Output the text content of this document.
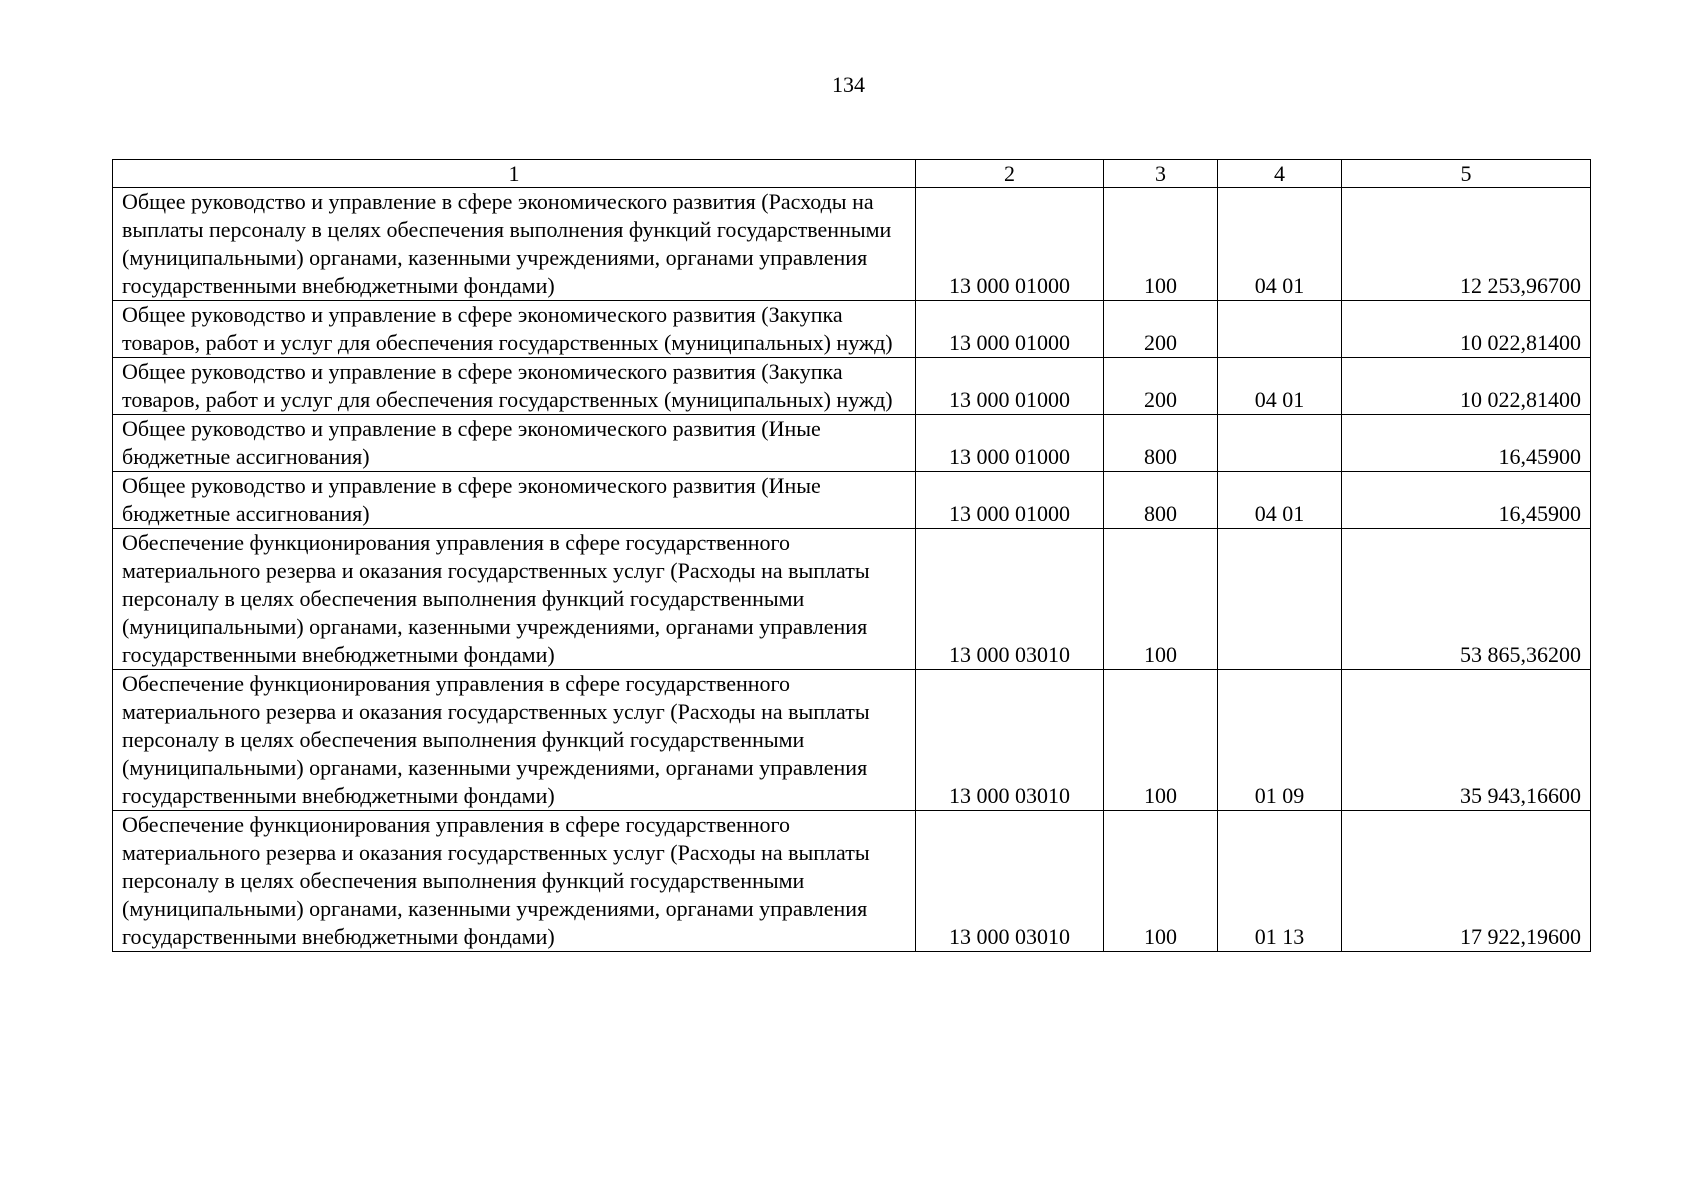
134
1	2	3	4	5
Общее руководство и управление в сфере экономического развития (Расходы на выплаты персоналу в целях обеспечения выполнения функций государственными (муниципальными) органами, казенными учреждениями, органами управления государственными внебюджетными фондами)	13 000 01000	100	04 01	12 253,96700
Общее руководство и управление в сфере экономического развития (Закупка товаров, работ и услуг для обеспечения государственных (муниципальных) нужд)	13 000 01000	200		10 022,81400
Общее руководство и управление в сфере экономического развития (Закупка товаров, работ и услуг для обеспечения государственных (муниципальных) нужд)	13 000 01000	200	04 01	10 022,81400
Общее руководство и управление в сфере экономического развития (Иные бюджетные ассигнования)	13 000 01000	800		16,45900
Общее руководство и управление в сфере экономического развития (Иные бюджетные ассигнования)	13 000 01000	800	04 01	16,45900
Обеспечение функционирования управления в сфере государственного материального резерва и оказания государственных услуг (Расходы на выплаты персоналу в целях обеспечения выполнения функций государственными (муниципальными) органами, казенными учреждениями, органами управления государственными внебюджетными фондами)	13 000 03010	100		53 865,36200
Обеспечение функционирования управления в сфере государственного материального резерва и оказания государственных услуг (Расходы на выплаты персоналу в целях обеспечения выполнения функций государственными (муниципальными) органами, казенными учреждениями, органами управления государственными внебюджетными фондами)	13 000 03010	100	01 09	35 943,16600
Обеспечение функционирования управления в сфере государственного материального резерва и оказания государственных услуг (Расходы на выплаты персоналу в целях обеспечения выполнения функций государственными (муниципальными) органами, казенными учреждениями, органами управления государственными внебюджетными фондами)	13 000 03010	100	01 13	17 922,19600
